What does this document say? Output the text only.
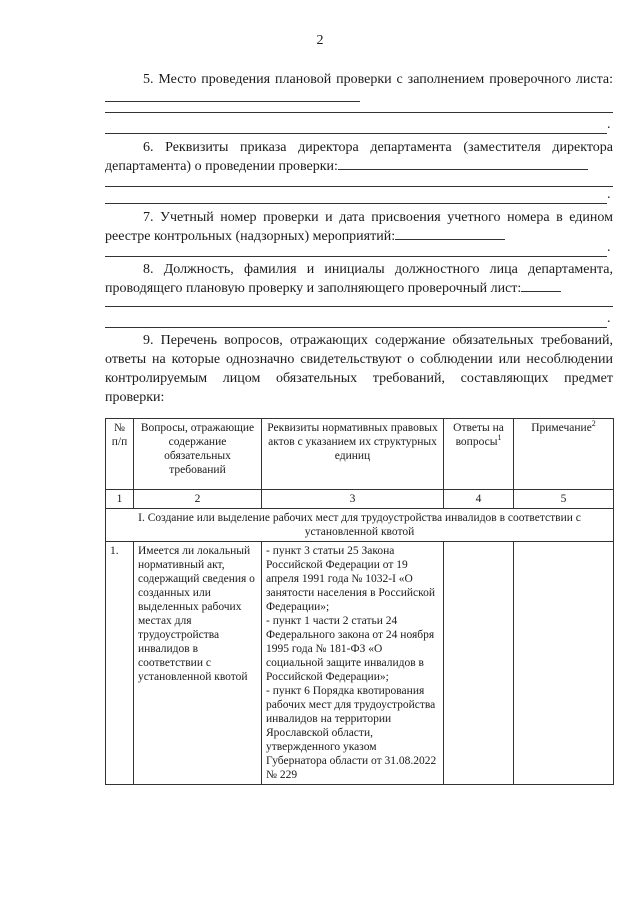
2

5. Место проведения плановой проверки с заполнением проверочного листа:

.

6. Реквизиты приказа директора департамента (заместителя директора департамента) о проведении проверки:

.

7. Учетный номер проверки и дата присвоения учетного номера в едином реестре контрольных (надзорных) мероприятий:

.

8. Должность, фамилия и инициалы должностного лица департамента, проводящего плановую проверку и заполняющего проверочный лист:

.

9. Перечень вопросов, отражающих содержание обязательных требований, ответы на которые однозначно свидетельствуют о соблюдении или несоблюдении контролируемым лицом обязательных требований, составляющих предмет проверки:

№ п/п	Вопросы, отражающие содержание обязательных требований	Реквизиты нормативных правовых актов с указанием их структурных единиц	Ответы на вопросы$^1$	Примечание$^2$
1	2	3	4	5
I. Создание или выделение рабочих мест для трудоустройства инвалидов в соответствии с установленной квотой				
1.	Имеется ли локальный нормативный акт, содержащий сведения о созданных или выделенных рабочих местах для трудоустройства инвалидов в соответствии с установленной квотой	- пункт 3 статьи 25 Закона Российской Федерации от 19 апреля 1991 года № 1032-I «О занятости населения в Российской Федерации»;
- пункт 1 части 2 статьи 24 Федерального закона от 24 ноября 1995 года № 181-ФЗ «О социальной защите инвалидов в Российской Федерации»;
- пункт 6 Порядка квотирования рабочих мест для трудоустройства инвалидов на территории Ярославской области, утвержденного указом Губернатора области от 31.08.2022 № 229		
